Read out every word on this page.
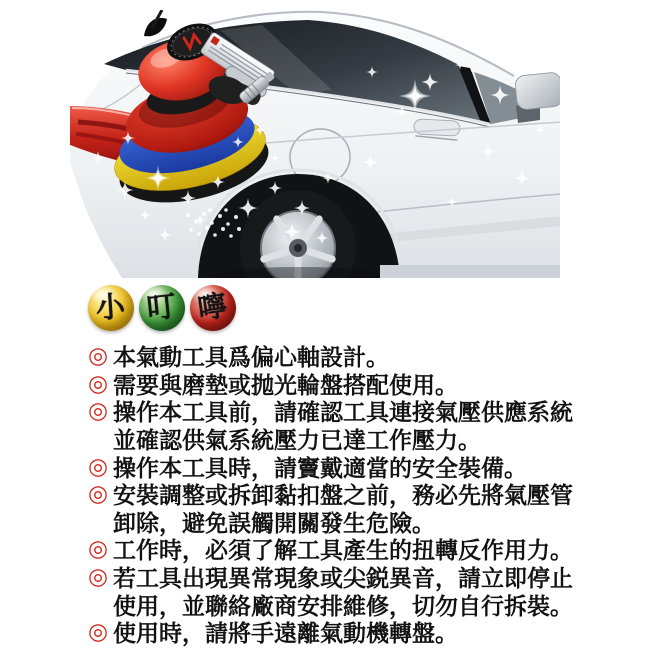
小 叮 嚀
◎ 本氣動工具爲偏心軸設計。
◎ 需要與磨墊或抛光輪盤搭配使用。
◎ 操作本工具前，請確認工具連接氣壓供應系統
並確認供氣系統壓力已達工作壓力。
◎ 操作本工具時，請竇戴適當的安全裝備。
◎ 安裝調整或拆卸黏扣盤之前，務必先將氣壓管
卸除，避免誤觸開關發生危險。
◎ 工作時，必須了解工具產生的扭轉反作用力。
◎ 若工具出現異常現象或尖鋭異音，請立即停止
使用，並聯絡廠商安排維修，切勿自行拆裝。
◎ 使用時，請將手遠離氣動機轉盤。
